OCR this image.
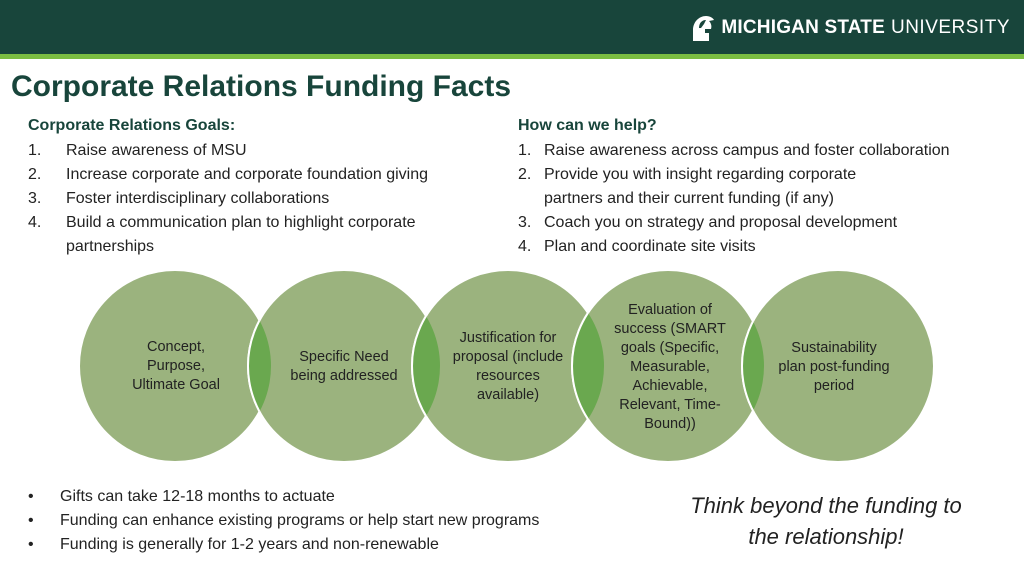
MICHIGAN STATE UNIVERSITY
Corporate Relations Funding Facts
Corporate Relations Goals:
1. Raise awareness of MSU
2. Increase corporate and corporate foundation giving
3. Foster interdisciplinary collaborations
4. Build a communication plan to highlight corporate partnerships
How can we help?
1. Raise awareness across campus and foster collaboration
2. Provide you with insight regarding corporate partners and their current funding (if any)
3. Coach you on strategy and proposal development
4. Plan and coordinate site visits
Concept, Purpose, Ultimate Goal
Specific Need being addressed
Justification for proposal (include resources available)
Evaluation of success (SMART goals (Specific, Measurable, Achievable, Relevant, Time-Bound))
Sustainability plan post-funding period
• Gifts can take 12-18 months to actuate
• Funding can enhance existing programs or help start new programs
• Funding is generally for 1-2 years and non-renewable
Think beyond the funding to the relationship!
